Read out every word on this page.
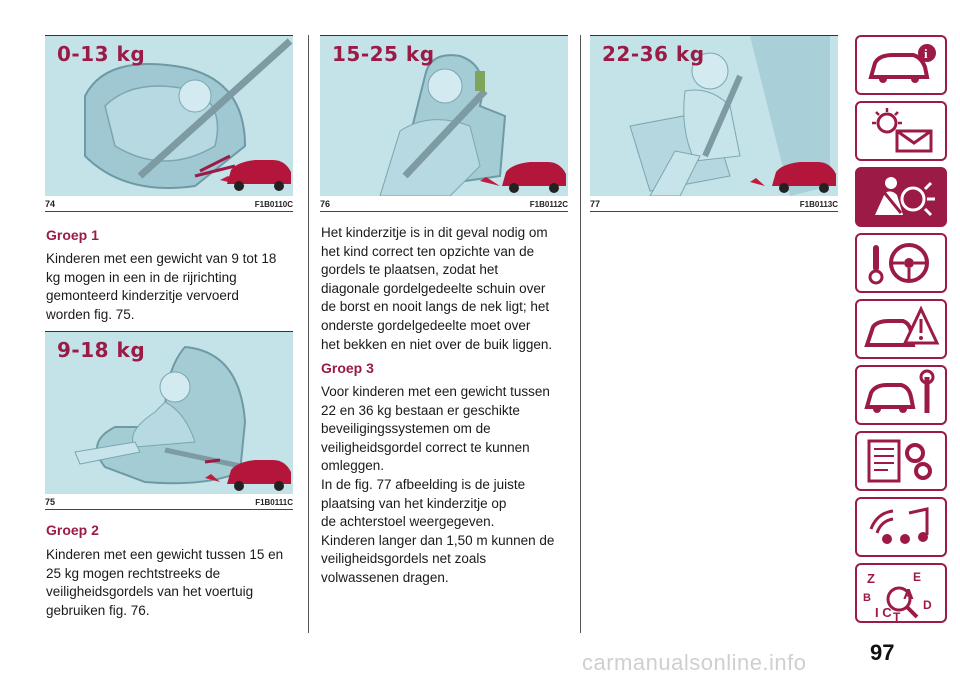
0-13 kg
74	F1B0110C
Groep 1
Kinderen met een gewicht van 9 tot 18
kg mogen in een in de rijrichting
gemonteerd kinderzitje vervoerd
worden fig. 75.
9-18 kg
75	F1B0111C
Groep 2
Kinderen met een gewicht tussen 15 en
25 kg mogen rechtstreeks de
veiligheidsgordels van het voertuig
gebruiken fig. 76.
15-25 kg
76	F1B0112C
Het kinderzitje is in dit geval nodig om
het kind correct ten opzichte van de
gordels te plaatsen, zodat het
diagonale gordelgedeelte schuin over
de borst en nooit langs de nek ligt; het
onderste gordelgedeelte moet over
het bekken en niet over de buik liggen.
Groep 3
Voor kinderen met een gewicht tussen
22 en 36 kg bestaan er geschikte
beveiligingssystemen om de
veiligheidsgordel correct te kunnen
omleggen.
In de fig. 77 afbeelding is de juiste
plaatsing van het kinderzitje op
de achterstoel weergegeven.
Kinderen langer dan 1,50 m kunnen de
veiligheidsgordels net zoals
volwassenen dragen.
22-36 kg
77	F1B0113C
i
Z	E
A
B	D
I C T
97
carmanualsonline.info
